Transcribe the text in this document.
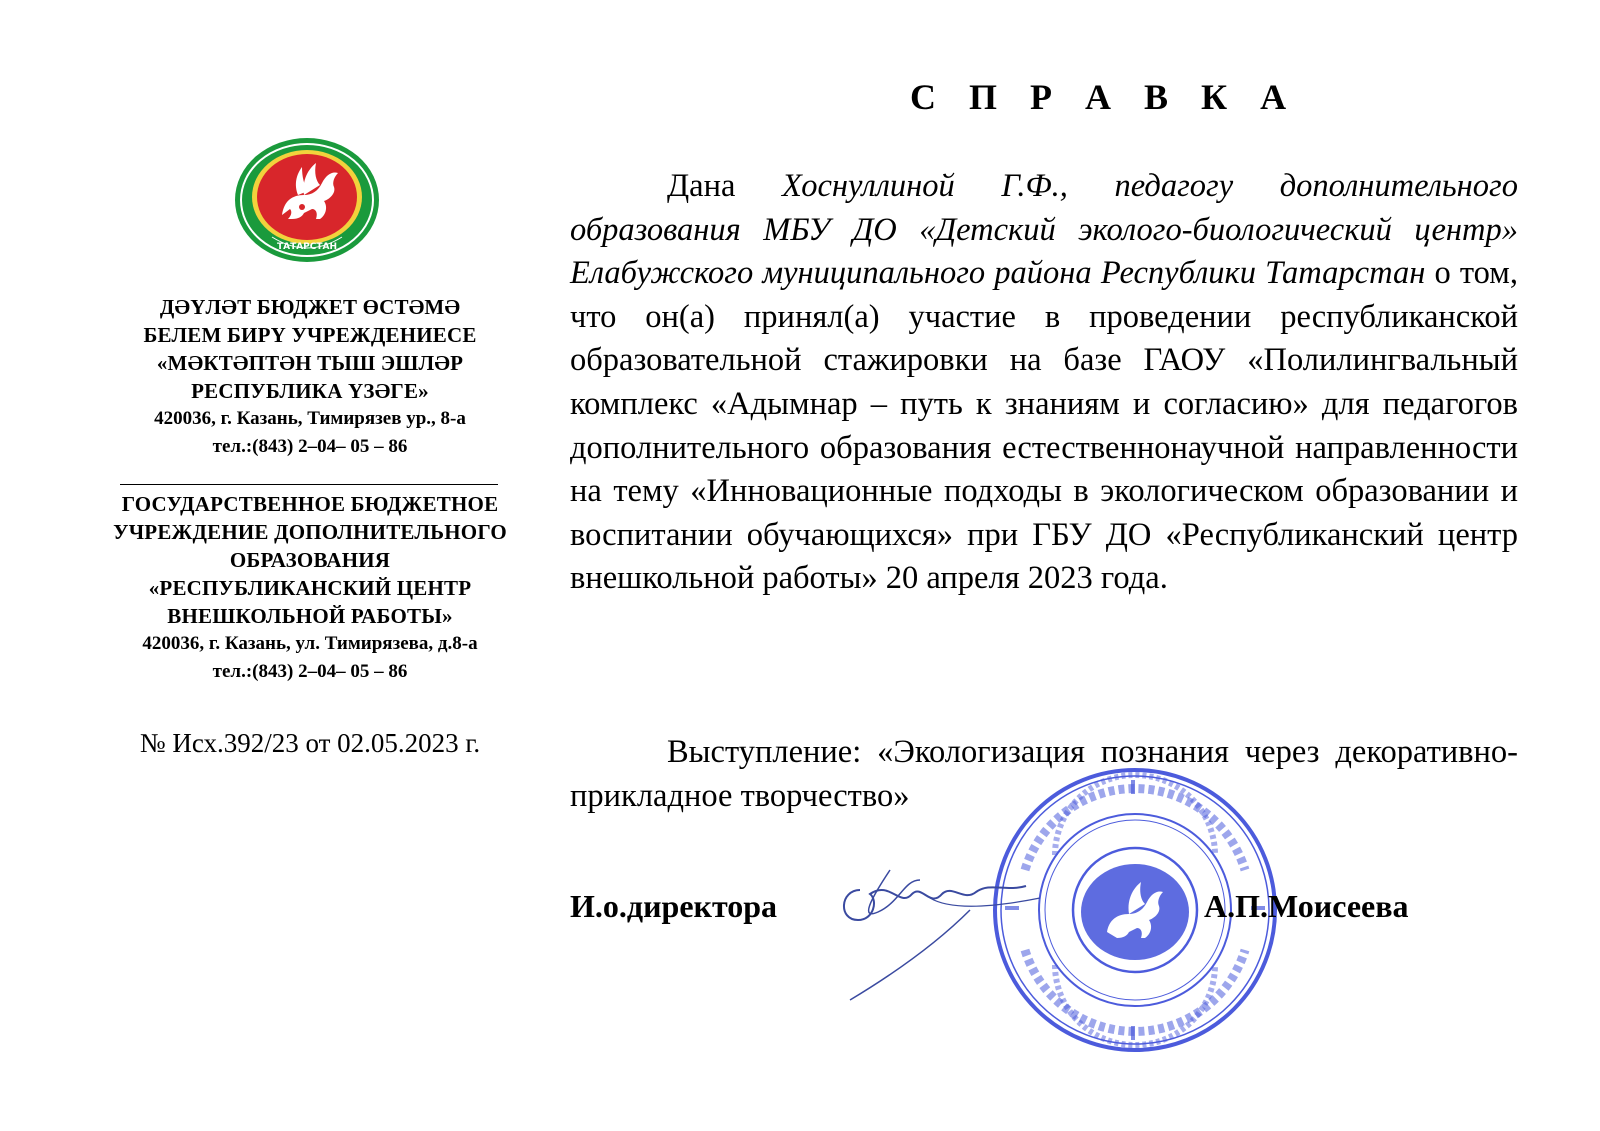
ТАТАРСТАН
ДӘҮЛӘТ БЮДЖЕТ ӨСТӘМӘ
БЕЛЕМ БИРҮ УЧРЕЖДЕНИЕСЕ
«МӘКТӘПТӘН ТЫШ ЭШЛӘР
РЕСПУБЛИКА ҮЗӘГЕ»
420036, г. Казань, Тимирязев ур., 8-а
тел.:(843) 2–04– 05 – 86
ГОСУДАРСТВЕННОЕ БЮДЖЕТНОЕ
УЧРЕЖДЕНИЕ ДОПОЛНИТЕЛЬНОГО
ОБРАЗОВАНИЯ
«РЕСПУБЛИКАНСКИЙ ЦЕНТР
ВНЕШКОЛЬНОЙ РАБОТЫ»
420036, г. Казань, ул. Тимирязева, д.8-а
тел.:(843) 2–04– 05 – 86
№ Исх.392/23 от 02.05.2023 г.
С П Р А В К А

Дана Хоснуллиной Г.Ф., педагогу дополнительного образования МБУ ДО «Детский эколого-биологический центр» Елабужского муниципального района Республики Татарстан о том, что он(а) принял(а) участие в проведении республиканской образовательной стажировки на базе ГАОУ «Полилингвальный комплекс «Адымнар – путь к знаниям и согласию» для педагогов дополнительного образования естественнонаучной направленности на тему «Инновационные подходы в экологическом образовании и воспитании обучающихся» при ГБУ ДО «Республиканский центр внешкольной работы» 20 апреля 2023 года.

Выступление: «Экологизация познания через декоративно-прикладное творчество»

И.о.директора	А.П.Моисеева
